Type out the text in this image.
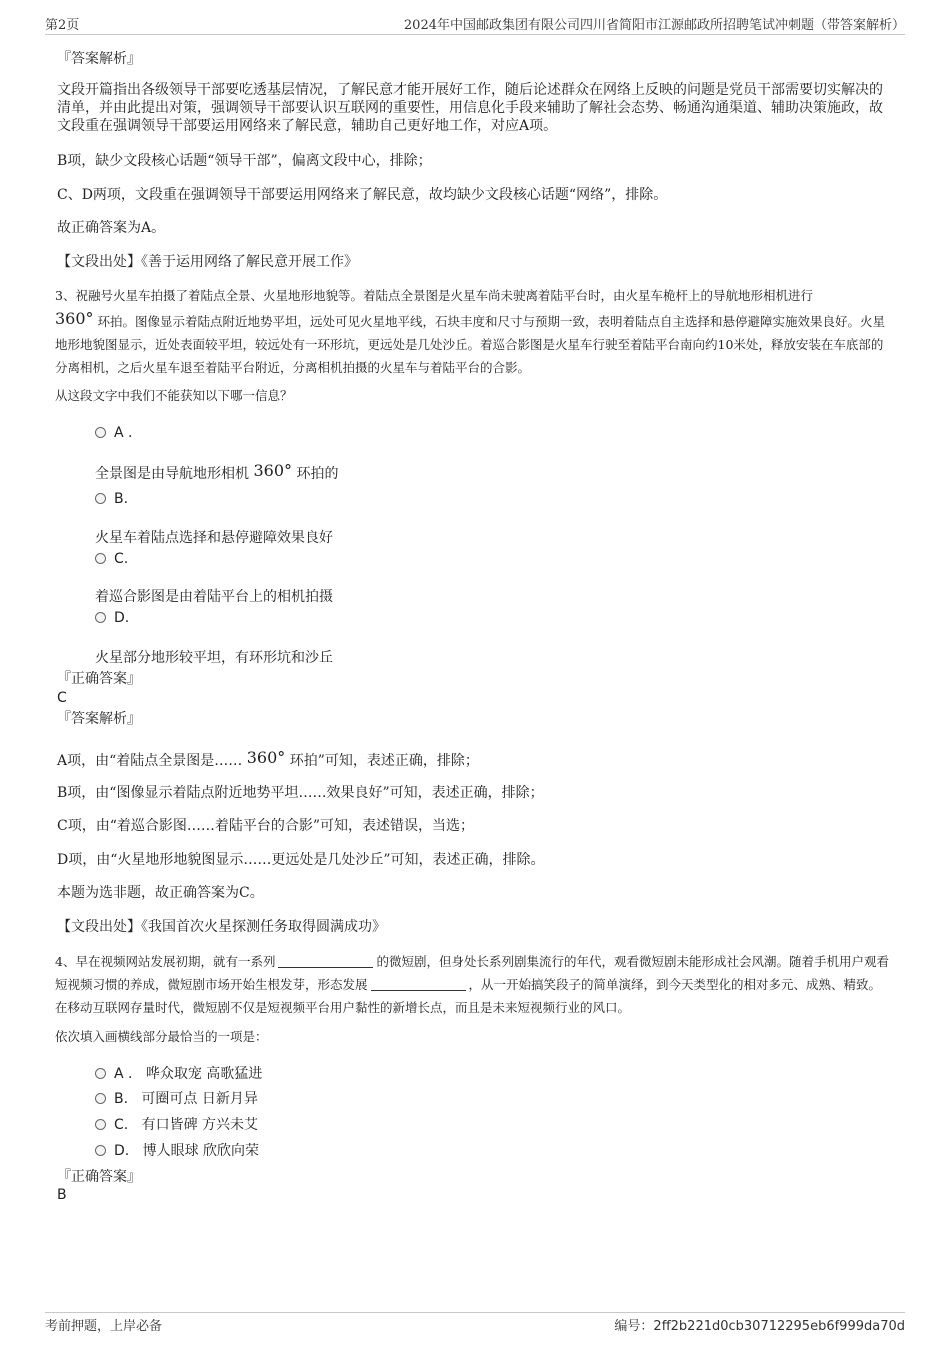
第2页	2024年中国邮政集团有限公司四川省简阳市江源邮政所招聘笔试冲刺题（带答案解析）
『答案解析』
文段开篇指出各级领导干部要吃透基层情况，了解民意才能开展好工作，随后论述群众在网络上反映的问题是党员干部需要切实解决的清单，并由此提出对策，强调领导干部要认识互联网的重要性，用信息化手段来辅助了解社会态势、畅通沟通渠道、辅助决策施政，故文段重在强调领导干部要运用网络来了解民意，辅助自己更好地工作，对应A项。
B项，缺少文段核心话题“领导干部”，偏离文段中心，排除；
C、D两项，文段重在强调领导干部要运用网络来了解民意，故均缺少文段核心话题“网络”，排除。
故正确答案为A。
【文段出处】《善于运用网络了解民意开展工作》
3、祝融号火星车拍摄了着陆点全景、火星地形地貌等。着陆点全景图是火星车尚未驶离着陆平台时，由火星车桅杆上的导航地形相机进行
360° 环拍。图像显示着陆点附近地势平坦，远处可见火星地平线，石块丰度和尺寸与预期一致，表明着陆点自主选择和悬停避障实施效果良好。火星地形地貌图显示，近处表面较平坦，较远处有一环形坑，更远处是几处沙丘。着巡合影图是火星车行驶至着陆平台南向约10米处，释放安装在车底部的分离相机，之后火星车退至着陆平台附近，分离相机拍摄的火星车与着陆平台的合影。
从这段文字中我们不能获知以下哪一信息？
A .
全景图是由导航地形相机 360° 环拍的
B.
火星车着陆点选择和悬停避障效果良好
C.
着巡合影图是由着陆平台上的相机拍摄
D.
火星部分地形较平坦，有环形坑和沙丘
『正确答案』
C
『答案解析』
A项，由“着陆点全景图是…… 360° 环拍”可知，表述正确，排除；
B项，由“图像显示着陆点附近地势平坦……效果良好”可知，表述正确，排除；
C项，由“着巡合影图……着陆平台的合影”可知，表述错误，当选；
D项，由“火星地形地貌图显示……更远处是几处沙丘”可知，表述正确，排除。
本题为选非题，故正确答案为C。
【文段出处】《我国首次火星探测任务取得圆满成功》
4、早在视频网站发展初期，就有一系列	的微短剧，但身处长系列剧集流行的年代，观看微短剧未能形成社会风潮。随着手机用户观看短视频习惯的养成，微短剧市场开始生根发芽，形态发展	，从一开始搞笑段子的简单演绎，到今天类型化的相对多元、成熟、精致。在移动互联网存量时代，微短剧不仅是短视频平台用户黏性的新增长点，而且是未来短视频行业的风口。
依次填入画横线部分最恰当的一项是：
A . 哗众取宠 高歌猛进
B. 可圈可点 日新月异
C. 有口皆碑 方兴未艾
D. 博人眼球 欣欣向荣
『正确答案』
B
考前押题，上岸必备	编号：2ff2b221d0cb30712295eb6f999da70d
